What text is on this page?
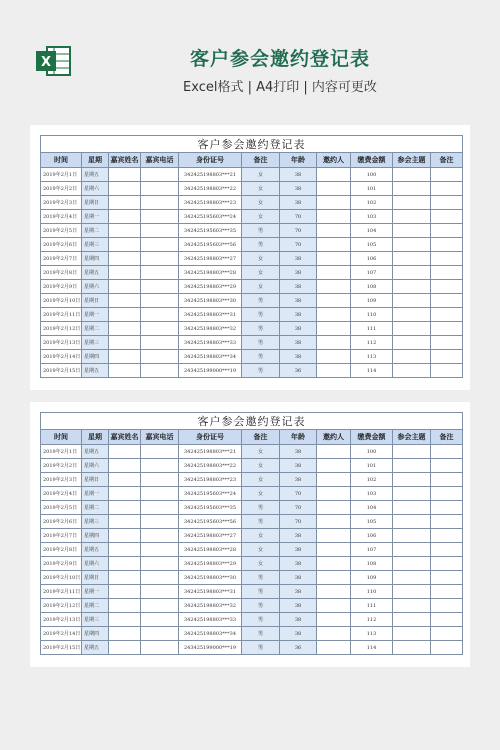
X	客户参会邀约登记表
Excel格式 | A4打印 | 内容可更改
客户参会邀约登记表										
时间	星期	嘉宾姓名	嘉宾电话	身份证号	备注	年龄	邀约人	缴费金额	参会主题	备注
2019年2月1日	星期五			342425198803***21	女	38		100		
2019年2月2日	星期六			342425198803***22	女	38		101		
2019年2月3日	星期日			342425198803***23	女	38		102		
2019年2月4日	星期一			342425195603***24	女	70		103		
2019年2月5日	星期二			342425195603***35	男	70		104		
2019年2月6日	星期三			342425195603***56	男	70		105		
2019年2月7日	星期四			342425198803***27	女	38		106		
2019年2月8日	星期五			342425198803***28	女	38		107		
2019年2月9日	星期六			342425198803***29	女	38		108		
2019年2月10日	星期日			342425198803***30	男	38		109		
2019年2月11日	星期一			342425198803***31	男	38		110		
2019年2月12日	星期二			342425198803***32	男	38		111		
2019年2月13日	星期三			342425198803***33	男	38		112		
2019年2月14日	星期四			342425198803***34	男	38		113		
2019年2月15日	星期五			243425199000***19	男	36		114		
客户参会邀约登记表										
时间	星期	嘉宾姓名	嘉宾电话	身份证号	备注	年龄	邀约人	缴费金额	参会主题	备注
2019年2月1日	星期五			342425198803***21	女	38		100		
2019年2月2日	星期六			342425198803***22	女	38		101		
2019年2月3日	星期日			342425198803***23	女	38		102		
2019年2月4日	星期一			342425195603***24	女	70		103		
2019年2月5日	星期二			342425195603***35	男	70		104		
2019年2月6日	星期三			342425195603***56	男	70		105		
2019年2月7日	星期四			342425198803***27	女	38		106		
2019年2月8日	星期五			342425198803***28	女	38		107		
2019年2月9日	星期六			342425198803***29	女	38		108		
2019年2月10日	星期日			342425198803***30	男	38		109		
2019年2月11日	星期一			342425198803***31	男	38		110		
2019年2月12日	星期二			342425198803***32	男	38		111		
2019年2月13日	星期三			342425198803***33	男	38		112		
2019年2月14日	星期四			342425198803***34	男	38		113		
2019年2月15日	星期五			243425199000***19	男	36		114		
